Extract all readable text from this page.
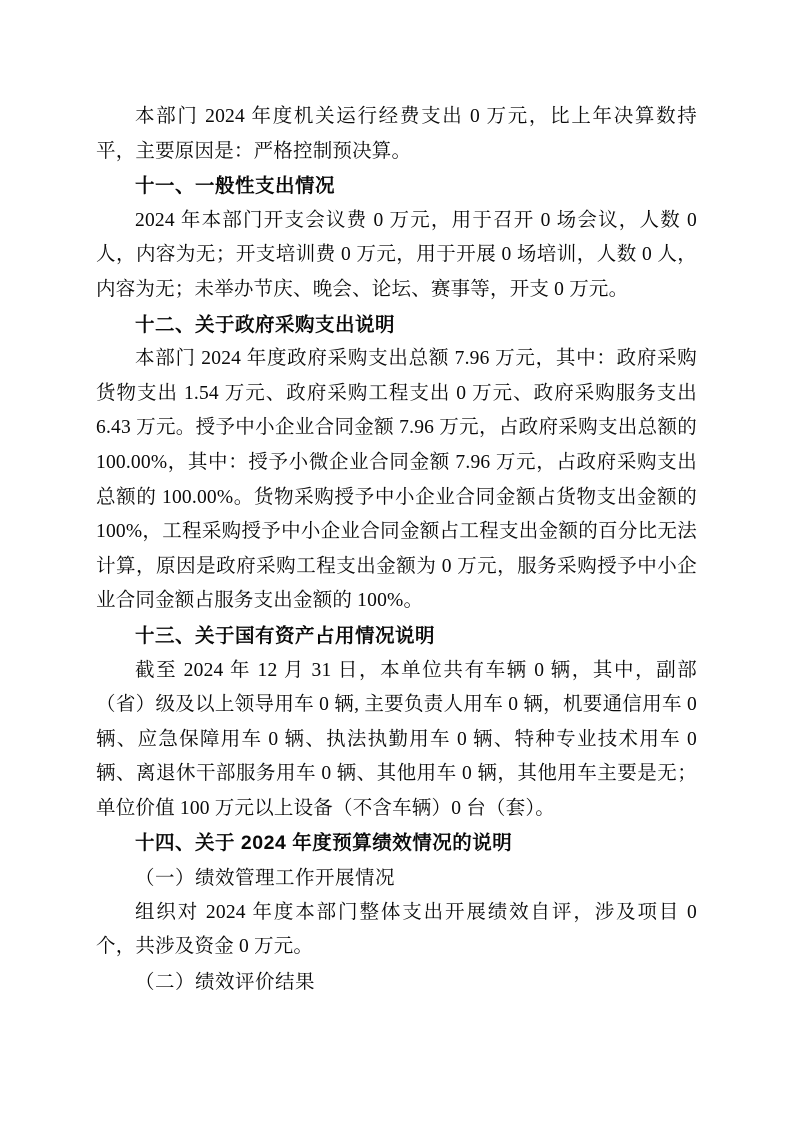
本部门 2024 年度机关运行经费支出 0 万元，比上年决算数持平，主要原因是：严格控制预决算。

十一、一般性支出情况

2024 年本部门开支会议费 0 万元，用于召开 0 场会议，人数 0 人，内容为无；开支培训费 0 万元，用于开展 0 场培训，人数 0 人，内容为无；未举办节庆、晚会、论坛、赛事等，开支 0 万元。

十二、关于政府采购支出说明

本部门 2024 年度政府采购支出总额 7.96 万元，其中：政府采购货物支出 1.54 万元、政府采购工程支出 0 万元、政府采购服务支出 6.43 万元。授予中小企业合同金额 7.96 万元，占政府采购支出总额的 100.00%，其中：授予小微企业合同金额 7.96 万元，占政府采购支出总额的 100.00%。货物采购授予中小企业合同金额占货物支出金额的 100%，工程采购授予中小企业合同金额占工程支出金额的百分比无法计算，原因是政府采购工程支出金额为 0 万元，服务采购授予中小企业合同金额占服务支出金额的 100%。

十三、关于国有资产占用情况说明

截至 2024 年 12 月 31 日，本单位共有车辆 0 辆，其中，副部（省）级及以上领导用车 0 辆, 主要负责人用车 0 辆，机要通信用车 0 辆、应急保障用车 0 辆、执法执勤用车 0 辆、特种专业技术用车 0 辆、离退休干部服务用车 0 辆、其他用车 0 辆，其他用车主要是无；单位价值 100 万元以上设备（不含车辆）0 台（套）。

十四、关于 2024 年度预算绩效情况的说明

（一）绩效管理工作开展情况

组织对 2024 年度本部门整体支出开展绩效自评，涉及项目 0 个，共涉及资金 0 万元。

（二）绩效评价结果
